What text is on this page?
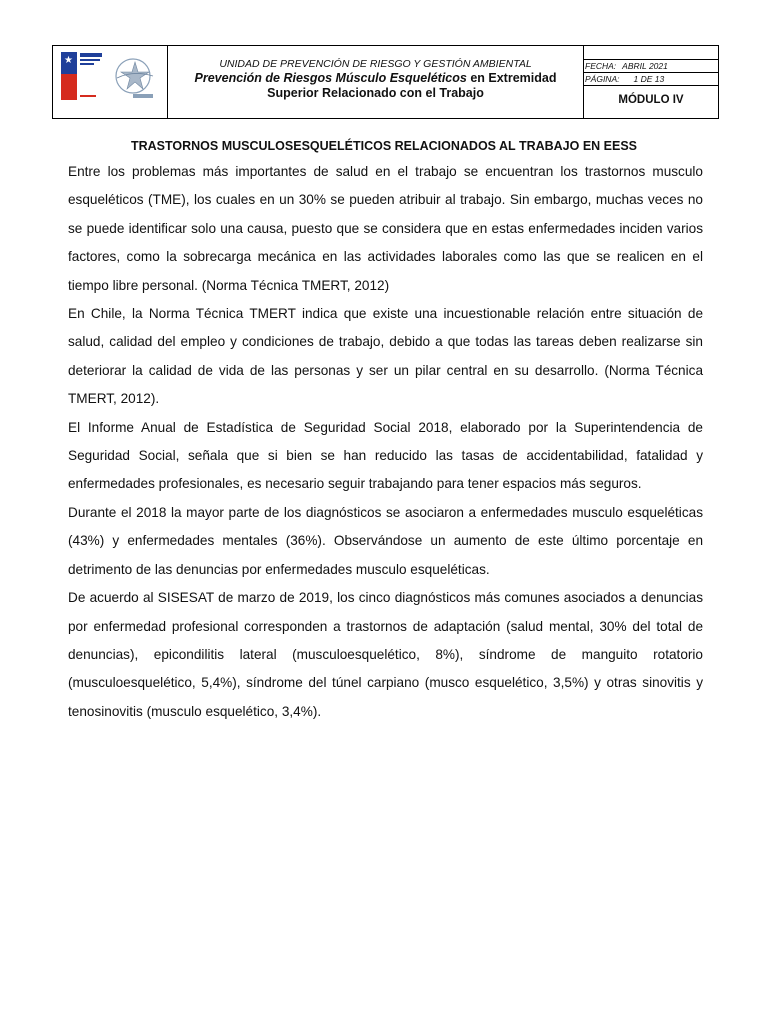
★	UNIDAD DE PREVENCIÓN DE RIESGO Y GESTIÓN AMBIENTAL
Prevención de Riesgos Músculo Esqueléticos en Extremidad
Superior Relacionado con el Trabajo
FECHA: ABRIL 2021
PÁGINA: 1 DE 13
MÓDULO IV
TRASTORNOS MUSCULOSESQUELÉTICOS RELACIONADOS AL TRABAJO EN EESS

Entre los problemas más importantes de salud en el trabajo se encuentran los trastornos musculo esqueléticos (TME), los cuales en un 30% se pueden atribuir al trabajo. Sin embargo, muchas veces no se puede identificar solo una causa, puesto que se considera que en estas enfermedades inciden varios factores, como la sobrecarga mecánica en las actividades laborales como las que se realicen en el tiempo libre personal. (Norma Técnica TMERT, 2012)

En Chile, la Norma Técnica TMERT indica que existe una incuestionable relación entre situación de salud, calidad del empleo y condiciones de trabajo, debido a que todas las tareas deben realizarse sin deteriorar la calidad de vida de las personas y ser un pilar central en su desarrollo. (Norma Técnica TMERT, 2012).

El Informe Anual de Estadística de Seguridad Social 2018, elaborado por la Superintendencia de Seguridad Social, señala que si bien se han reducido las tasas de accidentabilidad, fatalidad y enfermedades profesionales, es necesario seguir trabajando para tener espacios más seguros.

Durante el 2018 la mayor parte de los diagnósticos se asociaron a enfermedades musculo esqueléticas (43%) y enfermedades mentales (36%). Observándose un aumento de este último porcentaje en detrimento de las denuncias por enfermedades musculo esqueléticas.

De acuerdo al SISESAT de marzo de 2019, los cinco diagnósticos más comunes asociados a denuncias por enfermedad profesional corresponden a trastornos de adaptación (salud mental, 30% del total de denuncias), epicondilitis lateral (musculoesquelético, 8%), síndrome de manguito rotatorio (musculoesquelético, 5,4%), síndrome del túnel carpiano (musco esquelético, 3,5%) y otras sinovitis y tenosinovitis (musculo esquelético, 3,4%).
